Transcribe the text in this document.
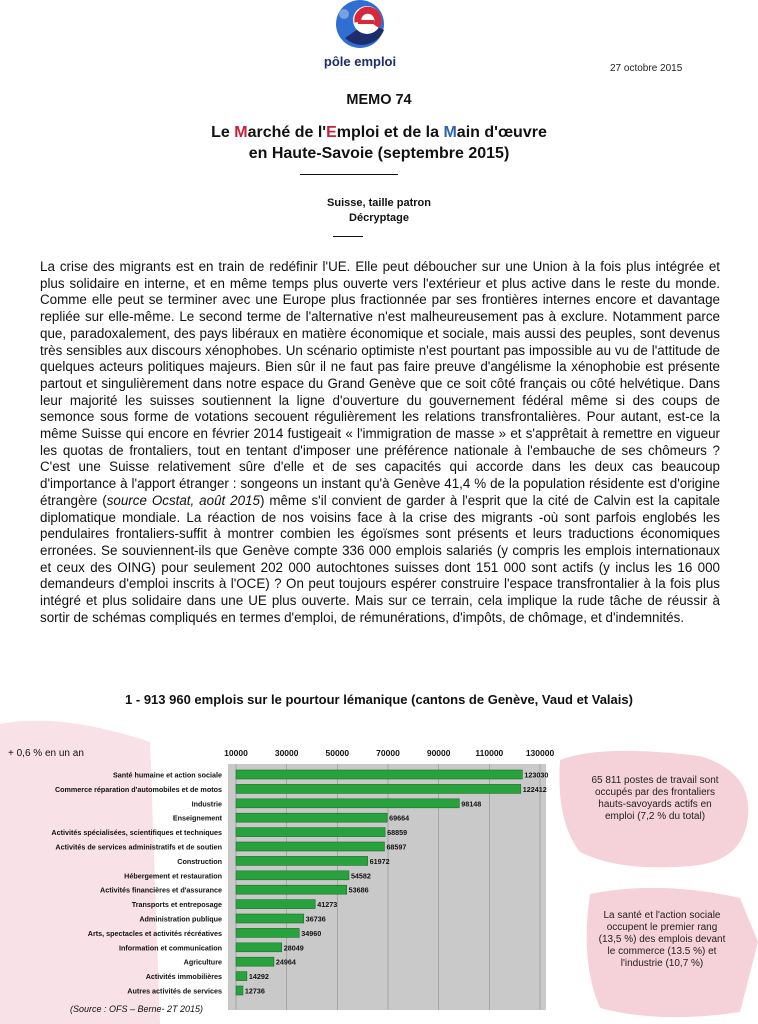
pôle emploi	27 octobre 2015
MEMO 74
Le Marché de l'Emploi et de la Main d'œuvre
en Haute-Savoie (septembre 2015)
Suisse, taille patron
Décryptage

La crise des migrants est en train de redéfinir l'UE. Elle peut déboucher sur une Union à la fois plus intégrée et plus solidaire en interne, et en même temps plus ouverte vers l'extérieur et plus active dans le reste du monde. Comme elle peut se terminer avec une Europe plus fractionnée par ses frontières internes encore et davantage repliée sur elle-même. Le second terme de l'alternative n'est malheureusement pas à exclure. Notamment parce que, paradoxalement, des pays libéraux en matière économique et sociale, mais aussi des peuples, sont devenus très sensibles aux discours xénophobes. Un scénario optimiste n'est pourtant pas impossible au vu de l'attitude de quelques acteurs politiques majeurs. Bien sûr il ne faut pas faire preuve d'angélisme la xénophobie est présente partout et singulièrement dans notre espace du Grand Genève que ce soit côté français ou côté helvétique. Dans leur majorité les suisses soutiennent la ligne d'ouverture du gouvernement fédéral même si des coups de semonce sous forme de votations secouent régulièrement les relations transfrontalières. Pour autant, est-ce la même Suisse qui encore en février 2014 fustigeait « l'immigration de masse » et s'apprêtait à remettre en vigueur les quotas de frontaliers, tout en tentant d'imposer une préférence nationale à l'embauche de ses chômeurs ? C'est une Suisse relativement sûre d'elle et de ses capacités qui accorde dans les deux cas beaucoup d'importance à l'apport étranger : songeons un instant qu'à Genève 41,4 % de la population résidente est d'origine étrangère (source Ocstat, août 2015) même s'il convient de garder à l'esprit que la cité de Calvin est la capitale diplomatique mondiale. La réaction de nos voisins face à la crise des migrants -où sont parfois englobés les pendulaires frontaliers-suffit à montrer combien les égoïsmes sont présents et leurs traductions économiques erronées. Se souviennent-ils que Genève compte 336 000 emplois salariés (y compris les emplois internationaux et ceux des OING) pour seulement 202 000 autochtones suisses dont 151 000 sont actifs (y inclus les 16 000 demandeurs d'emploi inscrits à l'OCE) ? On peut toujours espérer construire l'espace transfrontalier à la fois plus intégré et plus solidaire dans une UE plus ouverte. Mais sur ce terrain, cela implique la rude tâche de réussir à sortir de schémas compliqués en termes d'emploi, de rémunérations, d'impôts, de chômage, et d'indemnités.

1 - 913 960 emplois sur le pourtour lémanique (cantons de Genève, Vaud et Valais)
10000	30000	50000	70000	90000	110000	130000
Santé humaine et action sociale
Commerce réparation d'automobiles et de motos
Industrie
Enseignement
Activités spécialisées, scientifiques et techniques
Activités de services administratifs et de soutien
Construction
Hébergement et restauration
Activités financières et d'assurance
Transports et entreposage
Administration publique
Arts, spectacles et activités récréatives
Information et communication
Agriculture
Activités immobilières
Autres activités de services
123030
122412
98148
69664
68859
68597
61972
54582
53686
41273
36736
34960
28049
24964
14292
12736
+ 0,6 % en un an
65 811 postes de travail sont occupés par des frontaliers hauts-savoyards actifs en emploi (7,2 % du total)
La santé et l'action sociale occupent le premier rang (13,5 %) des emplois devant le commerce (13.5 %) et l'industrie (10,7 %)
(Source : OFS – Berne- 2T 2015)
